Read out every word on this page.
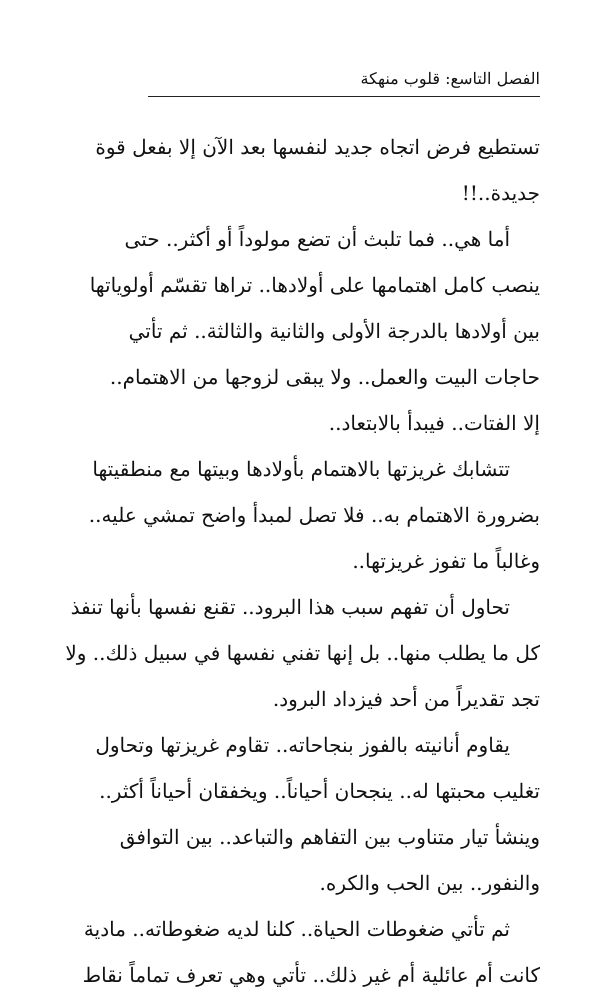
الفصل التاسع: قلوب منهكة

تستطيع فرض اتجاه جديد لنفسها بعد الآن إلا بفعل قوة
جديدة..!!
أما هي.. فما تلبث أن تضع مولوداً أو أكثر.. حتى
ينصب كامل اهتمامها على أولادها.. تراها تقسّم أولوياتها
بين أولادها بالدرجة الأولى والثانية والثالثة.. ثم تأتي
حاجات البيت والعمل.. ولا يبقى لزوجها من الاهتمام..
إلا الفتات.. فيبدأ بالابتعاد..
تتشابك غريزتها بالاهتمام بأولادها وبيتها مع منطقيتها
بضرورة الاهتمام به.. فلا تصل لمبدأ واضح تمشي عليه..
وغالباً ما تفوز غريزتها..
تحاول أن تفهم سبب هذا البرود.. تقنع نفسها بأنها تنفذ
كل ما يطلب منها.. بل إنها تفني نفسها في سبيل ذلك.. ولا
تجد تقديراً من أحد فيزداد البرود.
يقاوم أنانيته بالفوز بنجاحاته.. تقاوم غريزتها وتحاول
تغليب محبتها له.. ينجحان أحياناً.. ويخفقان أحياناً أكثر..
وينشأ تيار متناوب بين التفاهم والتباعد.. بين التوافق
والنفور.. بين الحب والكره.
ثم تأتي ضغوطات الحياة.. كلنا لديه ضغوطاته.. مادية
كانت أم عائلية أم غير ذلك.. تأتي وهي تعرف تماماً نقاط
